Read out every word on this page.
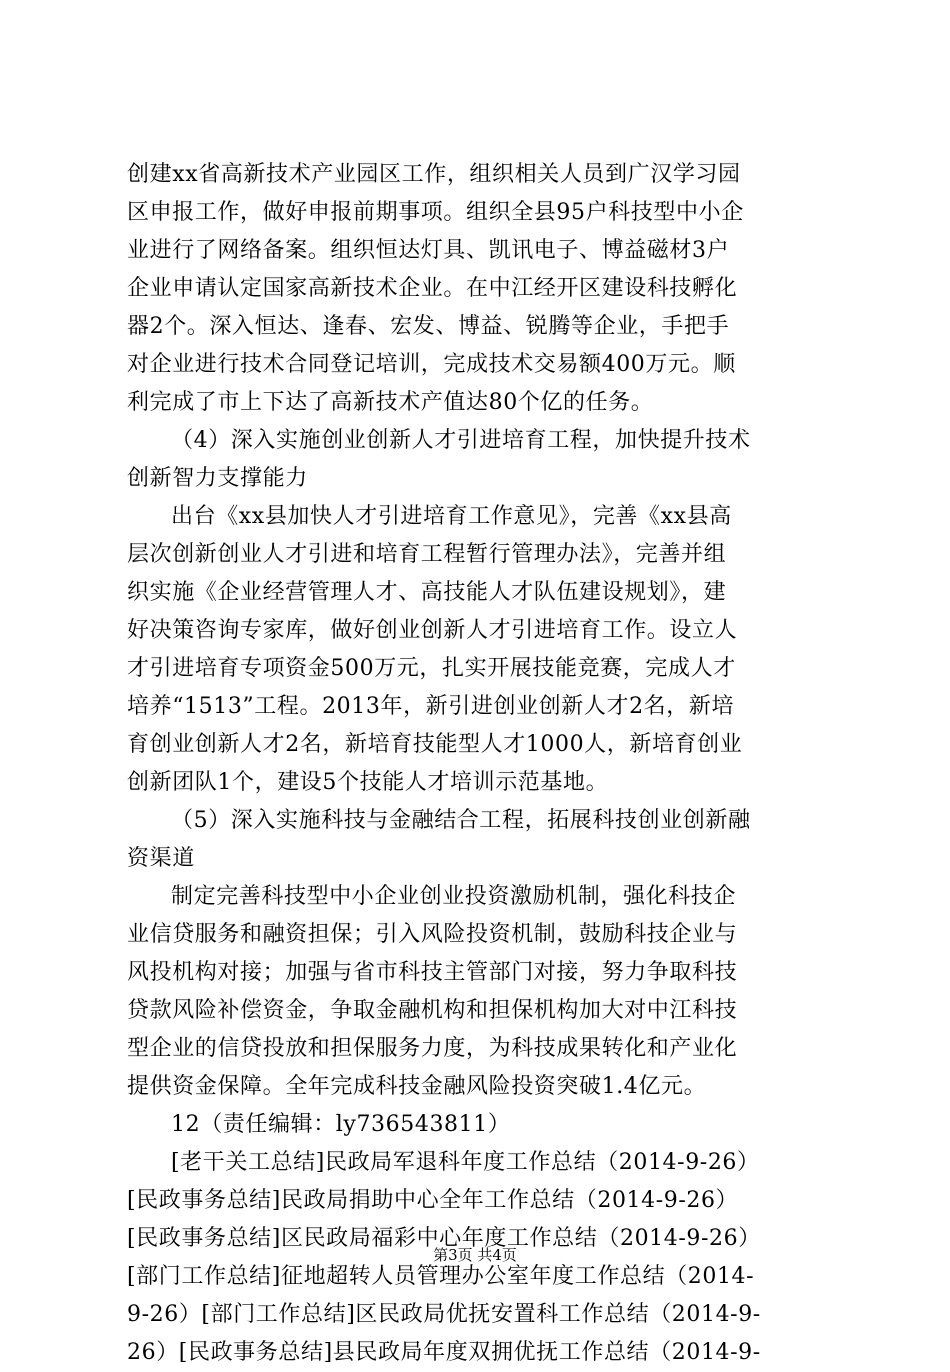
创建xx省高新技术产业园区工作，组织相关人员到广汉学习园
区申报工作，做好申报前期事项。组织全县95户科技型中小企
业进行了网络备案。组织恒达灯具、凯讯电子、博益磁材3户
企业申请认定国家高新技术企业。在中江经开区建设科技孵化
器2个。深入恒达、逢春、宏发、博益、锐腾等企业，手把手
对企业进行技术合同登记培训，完成技术交易额400万元。顺
利完成了市上下达了高新技术产值达80个亿的任务。
（4）深入实施创业创新人才引进培育工程，加快提升技术
创新智力支撑能力
出台《xx县加快人才引进培育工作意见》，完善《xx县高
层次创新创业人才引进和培育工程暂行管理办法》，完善并组
织实施《企业经营管理人才、高技能人才队伍建设规划》，建
好决策咨询专家库，做好创业创新人才引进培育工作。设立人
才引进培育专项资金500万元，扎实开展技能竞赛，完成人才
培养“1513”工程。2013年，新引进创业创新人才2名，新培
育创业创新人才2名，新培育技能型人才1000人，新培育创业
创新团队1个，建设5个技能人才培训示范基地。
（5）深入实施科技与金融结合工程，拓展科技创业创新融
资渠道
制定完善科技型中小企业创业投资激励机制，强化科技企
业信贷服务和融资担保；引入风险投资机制，鼓励科技企业与
风投机构对接；加强与省市科技主管部门对接，努力争取科技
贷款风险补偿资金，争取金融机构和担保机构加大对中江科技
型企业的信贷投放和担保服务力度，为科技成果转化和产业化
提供资金保障。全年完成科技金融风险投资突破1.4亿元。
12（责任编辑：ly736543811）
[老干关工总结]民政局军退科年度工作总结（2014-9-26）
[民政事务总结]民政局捐助中心全年工作总结（2014-9-26）
[民政事务总结]区民政局福彩中心年度工作总结（2014-9-26）
[部门工作总结]征地超转人员管理办公室年度工作总结（2014-
9-26）[部门工作总结]区民政局优抚安置科工作总结（2014-9-
26）[民政事务总结]县民政局年度双拥优抚工作总结（2014-9-
第3页 共4页
